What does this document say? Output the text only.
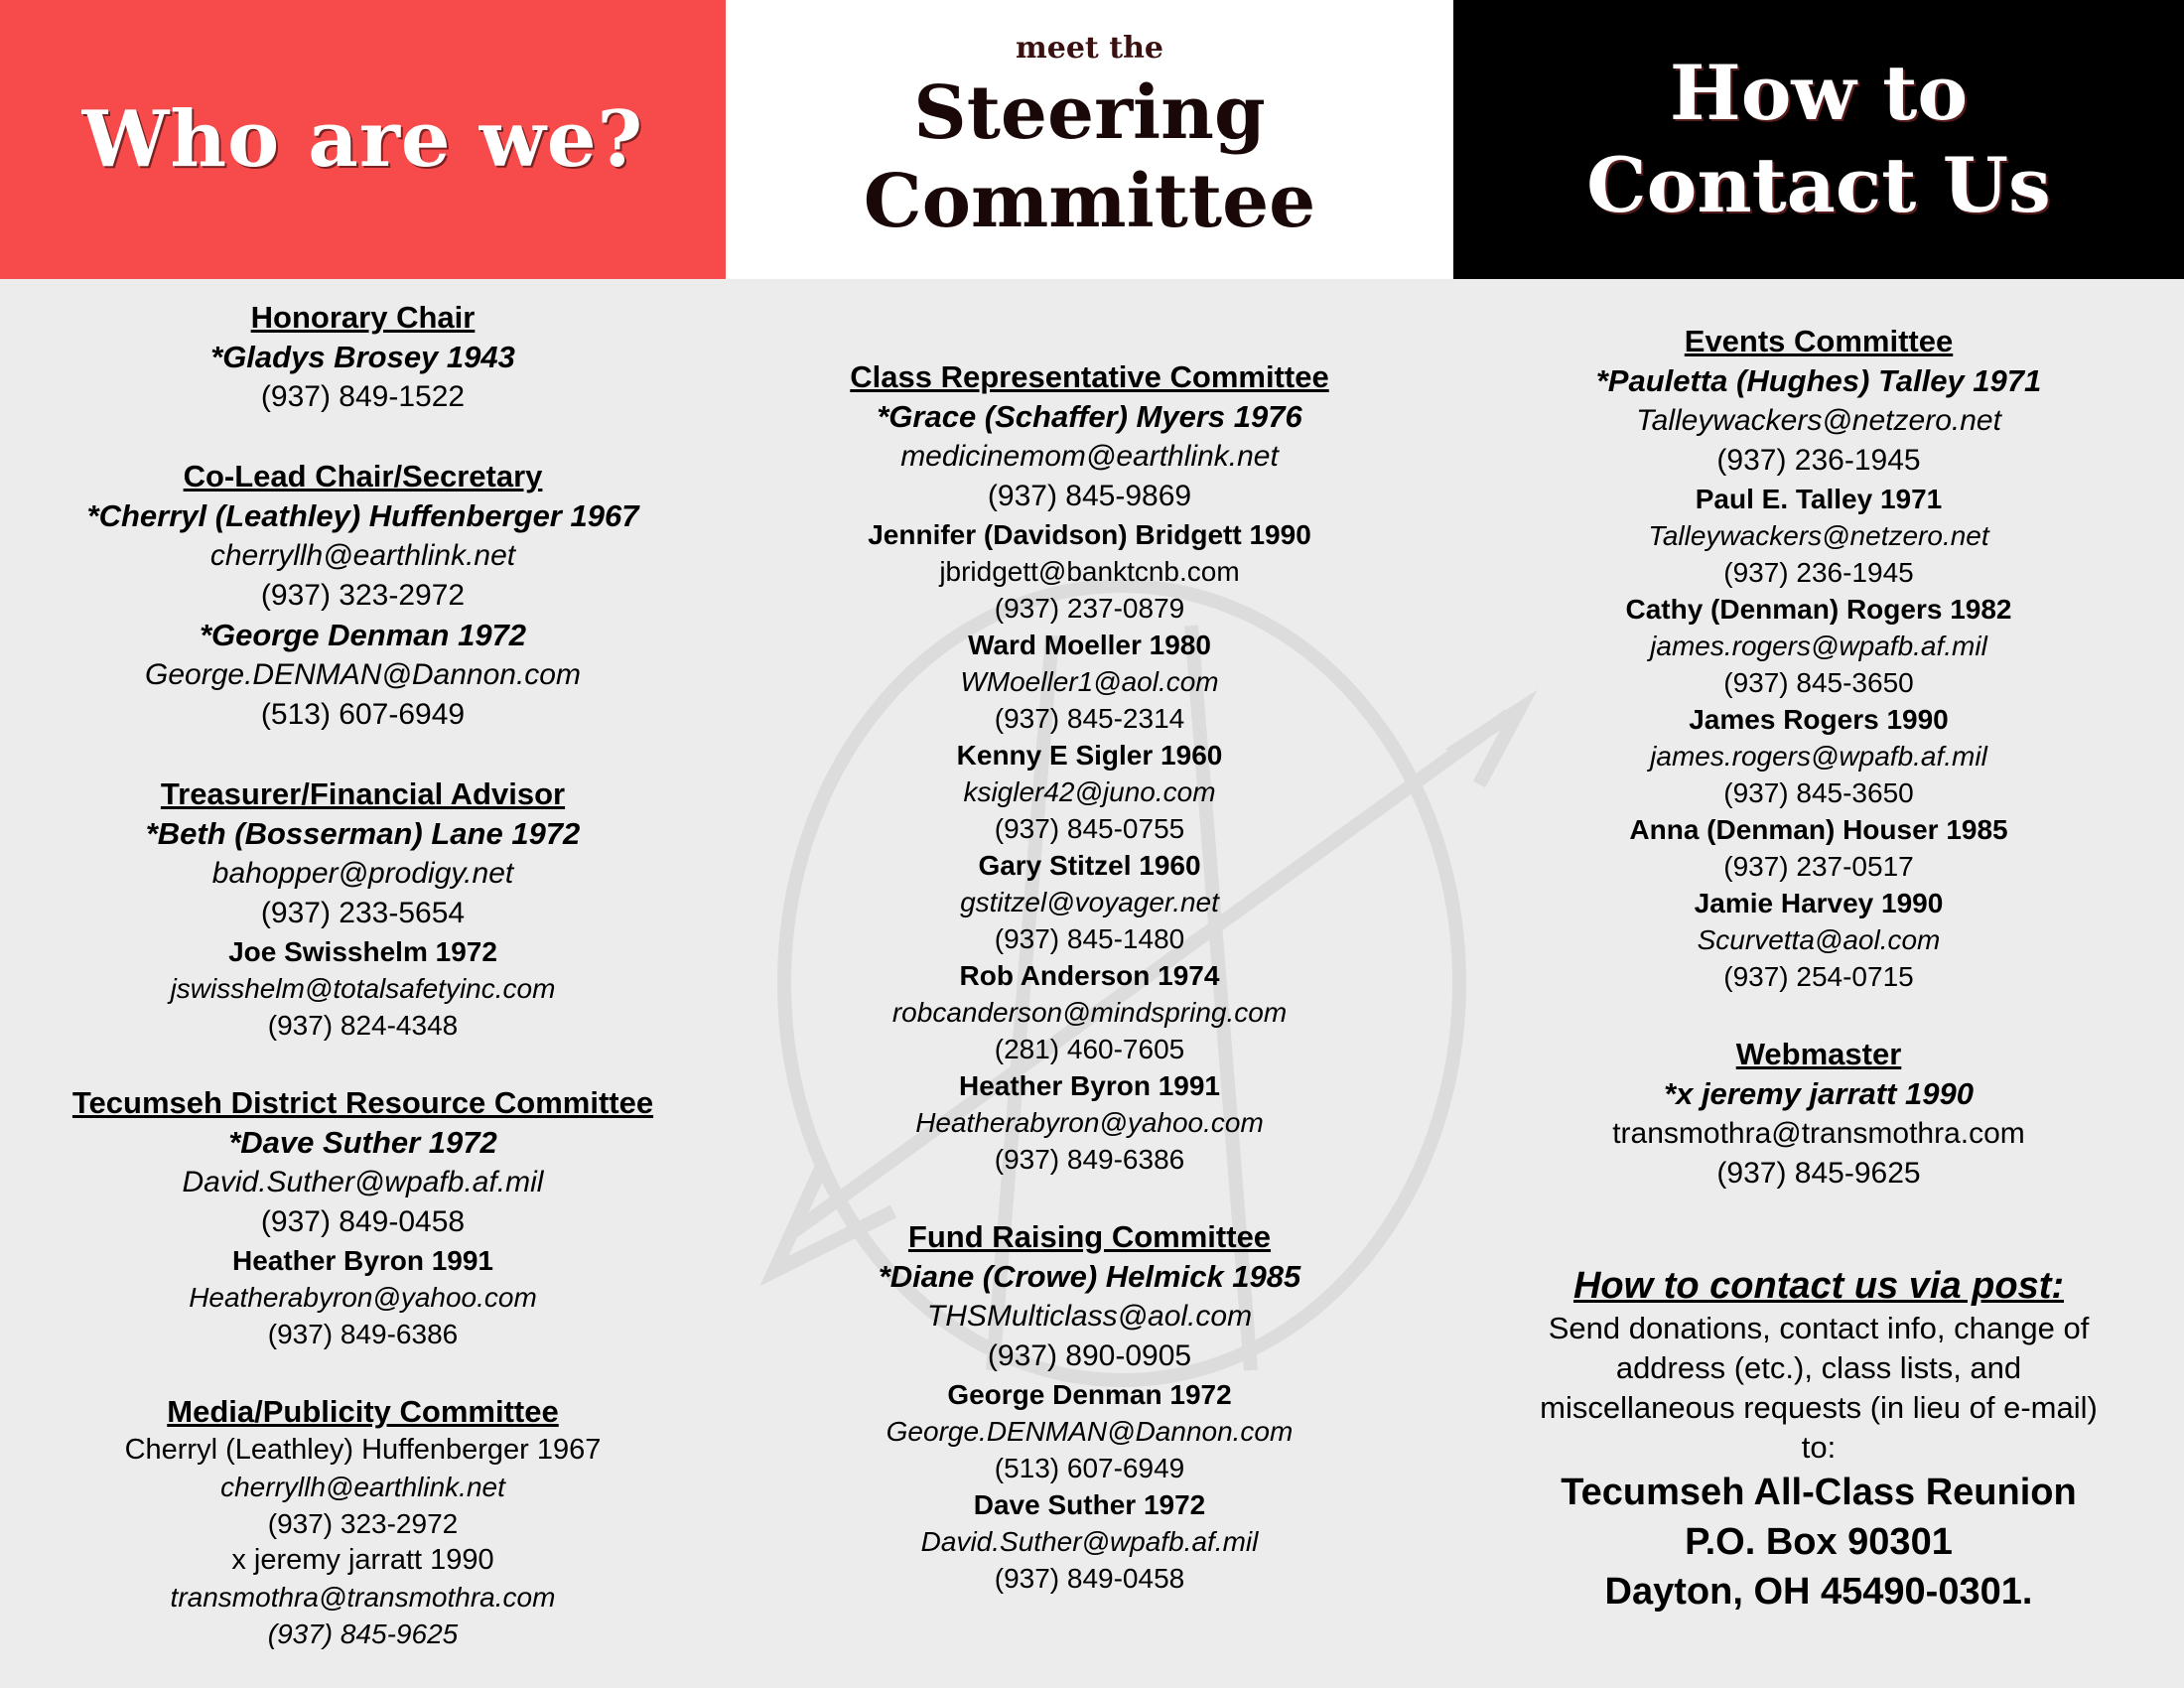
Who are we?
meet the
Steering
Committee
How to
Contact Us
Honorary Chair
*Gladys Brosey 1943
(937) 849-1522
Co-Lead Chair/Secretary
*Cherryl (Leathley) Huffenberger 1967
cherryllh@earthlink.net
(937) 323-2972
*George Denman 1972
George.DENMAN@Dannon.com
(513) 607-6949
Treasurer/Financial Advisor
*Beth (Bosserman) Lane 1972
bahopper@prodigy.net
(937) 233-5654
Joe Swisshelm 1972
jswisshelm@totalsafetyinc.com
(937) 824-4348
Tecumseh District Resource Committee
*Dave Suther 1972
David.Suther@wpafb.af.mil
(937) 849-0458
Heather Byron 1991
Heatherabyron@yahoo.com
(937) 849-6386
Media/Publicity Committee
Cherryl (Leathley) Huffenberger 1967
cherryllh@earthlink.net
(937) 323-2972
x jeremy jarratt 1990
transmothra@transmothra.com
(937) 845-9625
Class Representative Committee
*Grace (Schaffer) Myers 1976
medicinemom@earthlink.net
(937) 845-9869
Jennifer (Davidson) Bridgett 1990
jbridgett@banktcnb.com
(937) 237-0879
Ward Moeller 1980
WMoeller1@aol.com
(937) 845-2314
Kenny E Sigler 1960
ksigler42@juno.com
(937) 845-0755
Gary Stitzel 1960
gstitzel@voyager.net
(937) 845-1480
Rob Anderson 1974
robcanderson@mindspring.com
(281) 460-7605
Heather Byron 1991
Heatherabyron@yahoo.com
(937) 849-6386
Fund Raising Committee
*Diane (Crowe) Helmick 1985
THSMulticlass@aol.com
(937) 890-0905
George Denman 1972
George.DENMAN@Dannon.com
(513) 607-6949
Dave Suther 1972
David.Suther@wpafb.af.mil
(937) 849-0458
Events Committee
*Pauletta (Hughes) Talley 1971
Talleywackers@netzero.net
(937) 236-1945
Paul E. Talley 1971
Talleywackers@netzero.net
(937) 236-1945
Cathy (Denman) Rogers 1982
james.rogers@wpafb.af.mil
(937) 845-3650
James Rogers 1990
james.rogers@wpafb.af.mil
(937) 845-3650
Anna (Denman) Houser 1985
(937) 237-0517
Jamie Harvey 1990
Scurvetta@aol.com
(937) 254-0715
Webmaster
*x jeremy jarratt 1990
transmothra@transmothra.com
(937) 845-9625
How to contact us via post:
Send donations, contact info, change of
address (etc.), class lists, and
miscellaneous requests (in lieu of e-mail)
to:
Tecumseh All-Class Reunion
P.O. Box 90301
Dayton, OH 45490-0301.
